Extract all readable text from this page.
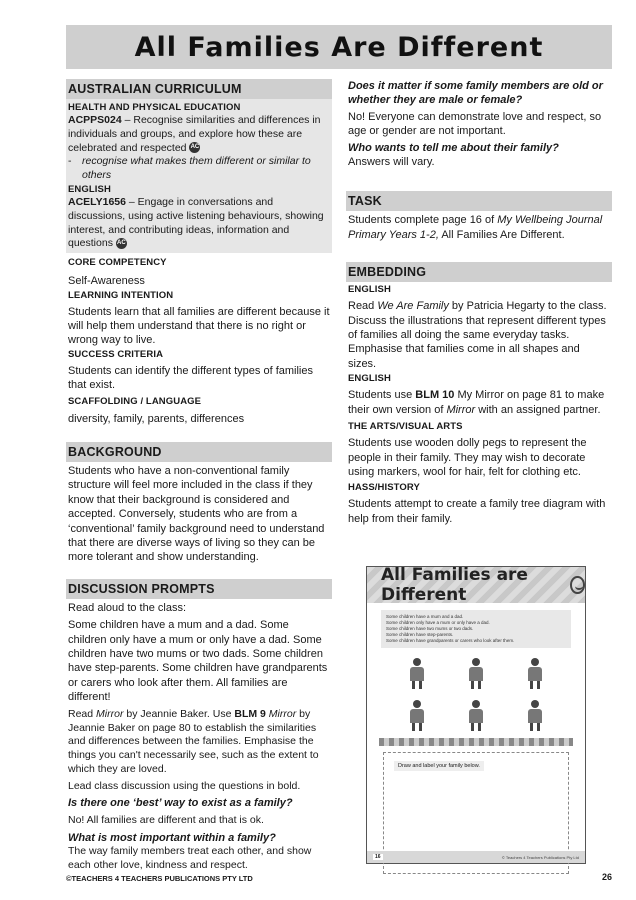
All Families Are Different
AUSTRALIAN CURRICULUM
HEALTH AND PHYSICAL EDUCATION
ACPPS024 – Recognise similarities and differences in individuals and groups, and explore how these are celebrated and respected AC
-	recognise what makes them different or similar to others
ENGLISH
ACELY1656 – Engage in conversations and discussions, using active listening behaviours, showing interest, and contributing ideas, information and questions AC
CORE COMPETENCY
Self-Awareness
LEARNING INTENTION
Students learn that all families are different because it will help them understand that there is no right or wrong way to live.
SUCCESS CRITERIA
Students can identify the different types of families that exist.
SCAFFOLDING / LANGUAGE
diversity, family, parents, differences
BACKGROUND
Students who have a non-conventional family structure will feel more included in the class if they know that their background is considered and accepted. Conversely, students who are from a ‘conventional’ family background need to understand that there are diverse ways of living so they can be more tolerant and show understanding.
DISCUSSION PROMPTS
Read aloud to the class:
Some children have a mum and a dad. Some children only have a mum or only have a dad. Some children have two mums or two dads. Some children have step-parents. Some children have grandparents or carers who look after them. All families are different!
Read Mirror by Jeannie Baker. Use BLM 9 Mirror by Jeannie Baker on page 80 to establish the similarities and differences between the families. Emphasise the things you can't necessarily see, such as the extent to which they are loved.
Lead class discussion using the questions in bold.
Is there one ‘best’ way to exist as a family?
No! All families are different and that is ok.
What is most important within a family?
The way family members treat each other, and show each other love, kindness and respect.
Does it matter if some family members are old or whether they are male or female?
No! Everyone can demonstrate love and respect, so age or gender are not important.
Who wants to tell me about their family?
Answers will vary.
TASK
Students complete page 16 of My Wellbeing Journal Primary Years 1-2, All Families Are Different.
EMBEDDING
ENGLISH
Read We Are Family by Patricia Hegarty to the class. Discuss the illustrations that represent different types of families all doing the same everyday tasks. Emphasise that families come in all shapes and sizes.
ENGLISH
Students use BLM 10 My Mirror on page 81 to make their own version of Mirror with an assigned partner.
THE ARTS/VISUAL ARTS
Students use wooden dolly pegs to represent the people in their family. They may wish to decorate using markers, wool for hair, felt for clothing etc.
HASS/HISTORY
Students attempt to create a family tree diagram with help from their family.
All Families are Different
Some children have a mum and a dad.
Some children only have a mum or only have a dad.
Some children have two mums or two dads.
Some children have step-parents.
Some children have grandparents or carers who look after them.
Draw and label your family below.
16	© Teachers 4 Teachers Publications Pty Ltd
©TEACHERS 4 TEACHERS PUBLICATIONS PTY LTD	26
